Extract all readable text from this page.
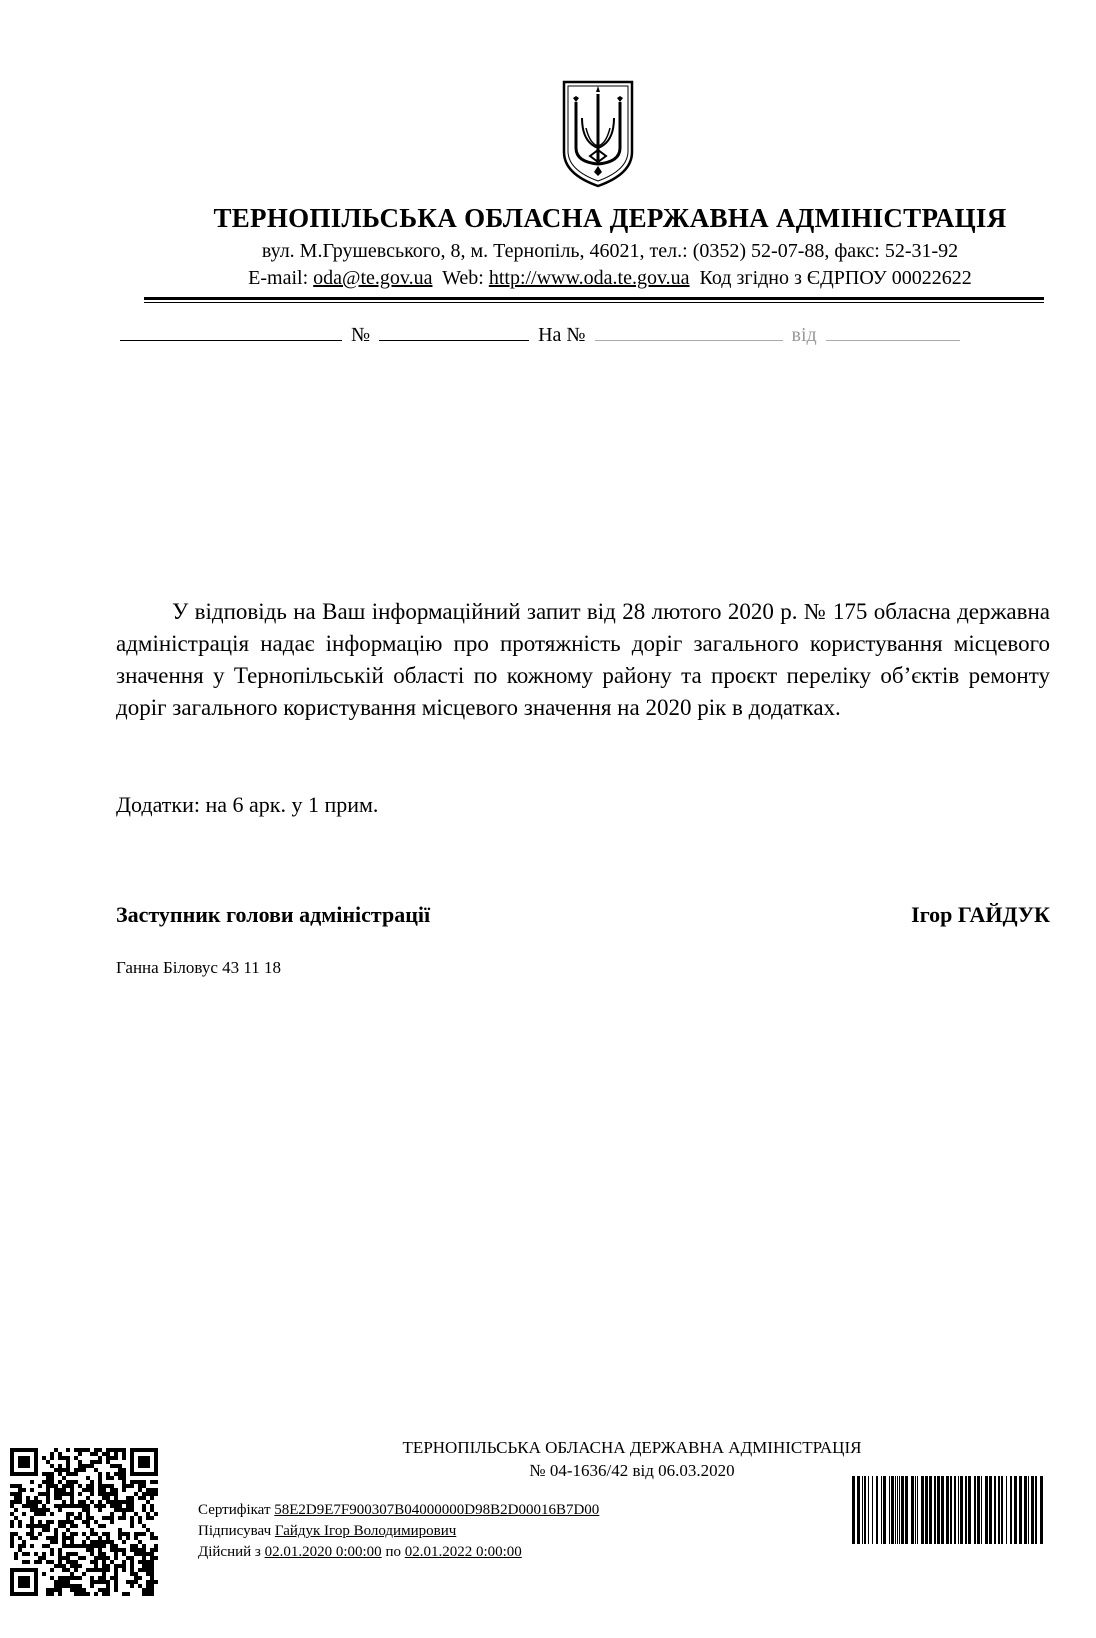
ТЕРНОПІЛЬСЬКА ОБЛАСНА ДЕРЖАВНА АДМІНІСТРАЦІЯ
вул. М.Грушевського, 8, м. Тернопіль, 46021, тел.: (0352) 52-07-88, факс: 52-31-92
E-mail: oda@te.gov.ua Web: http://www.oda.te.gov.ua Код згідно з ЄДРПОУ 00022622
№	На №	від

У відповідь на Ваш інформаційний запит від 28 лютого 2020 р. № 175 обласна державна адміністрація надає інформацію про протяжність доріг загального користування місцевого значення у Тернопільській області по кожному району та проєкт переліку об’єктів ремонту доріг загального користування місцевого значення на 2020 рік в додатках.

Додатки: на 6 арк. у 1 прим.
Заступник голови адміністрації	Ігор ГАЙДУК
Ганна Біловус 43 11 18
ТЕРНОПІЛЬСЬКА ОБЛАСНА ДЕРЖАВНА АДМІНІСТРАЦІЯ
№ 04-1636/42 від 06.03.2020
Сертифікат 58E2D9E7F900307B04000000D98B2D00016B7D00
Підписувач Гайдук Ігор Володимирович
Дійсний з 02.01.2020 0:00:00 по 02.01.2022 0:00:00
